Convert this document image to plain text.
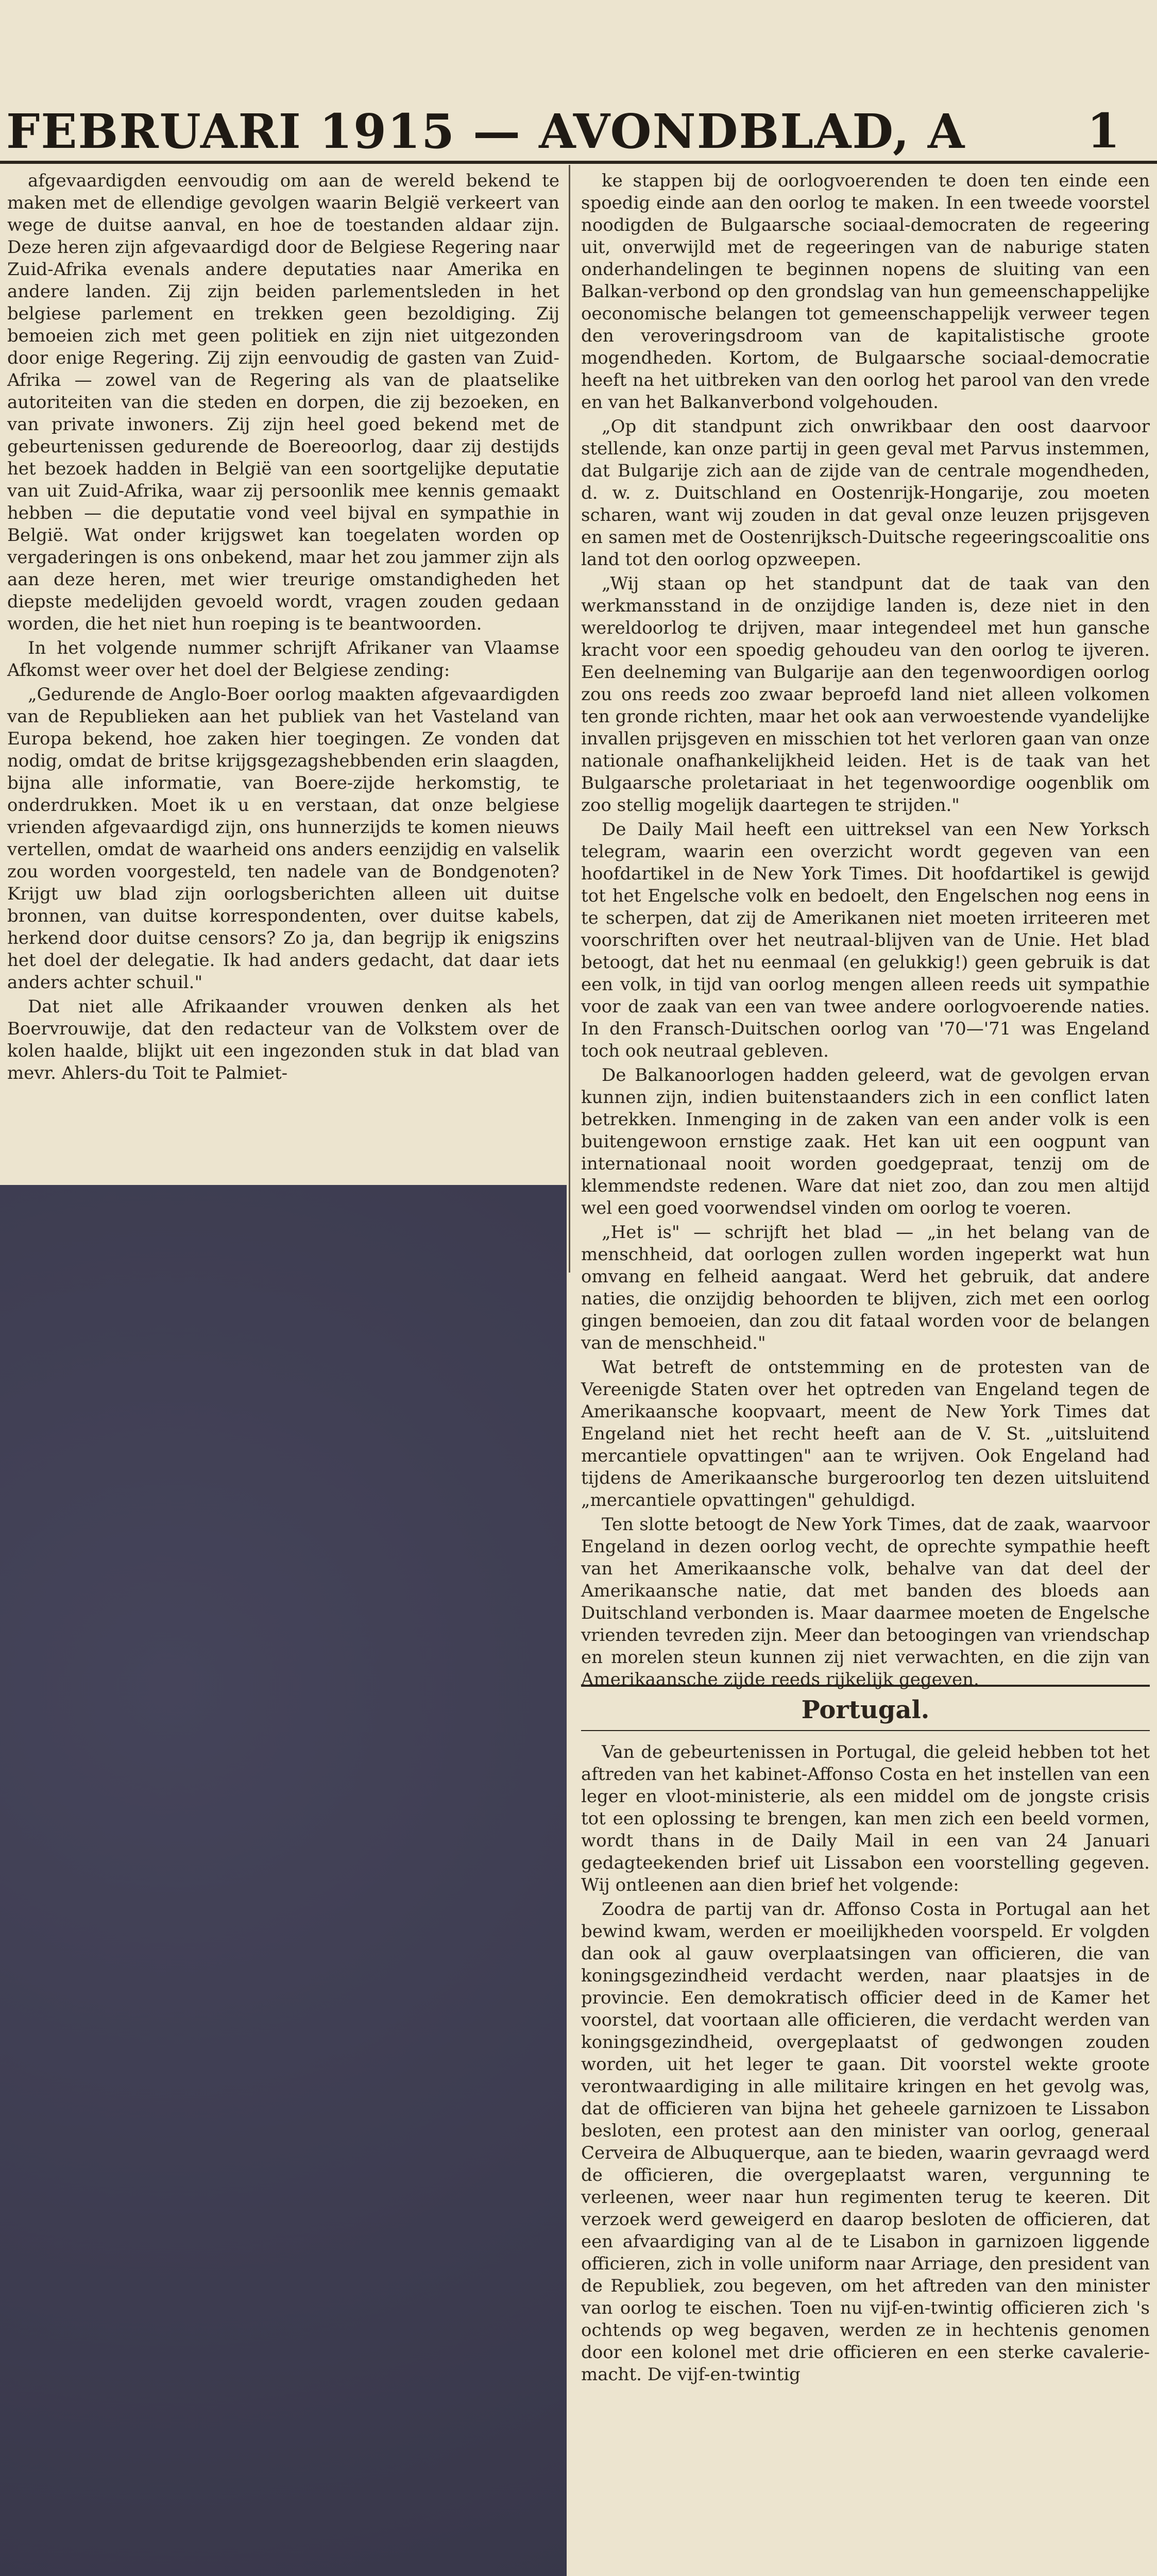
FEBRUARI 1915 — AVONDBLAD, A	1

afgevaardigden eenvoudig om aan de wereld bekend te maken met de ellendige gevolgen waarin België verkeert van wege de duitse aanval, en hoe de toestanden aldaar zijn. Deze heren zijn afgevaardigd door de Belgiese Regering naar Zuid-Afrika evenals andere deputaties naar Amerika en andere landen. Zij zijn beiden parlementsleden in het belgiese parlement en trekken geen bezoldiging. Zij bemoeien zich met geen politiek en zijn niet uitgezonden door enige Regering. Zij zijn eenvoudig de gasten van Zuid-Afrika — zowel van de Regering als van de plaatselike autoriteiten van die steden en dorpen, die zij bezoeken, en van private inwoners. Zij zijn heel goed bekend met de gebeurtenissen gedurende de Boereoorlog, daar zij destijds het bezoek hadden in België van een soortgelijke deputatie van uit Zuid-Afrika, waar zij persoonlik mee kennis gemaakt hebben — die deputatie vond veel bijval en sympathie in België. Wat onder krijgswet kan toegelaten worden op vergaderingen is ons onbekend, maar het zou jammer zijn als aan deze heren, met wier treurige omstandigheden het diepste medelijden gevoeld wordt, vragen zouden gedaan worden, die het niet hun roeping is te beantwoorden.

In het volgende nummer schrijft Afrikaner van Vlaamse Afkomst weer over het doel der Belgiese zending:

„Gedurende de Anglo-Boer oorlog maakten afgevaardigden van de Republieken aan het publiek van het Vasteland van Europa bekend, hoe zaken hier toegingen. Ze vonden dat nodig, omdat de britse krijgsgezagshebbenden erin slaagden, bijna alle informatie, van Boere-zijde herkomstig, te onderdrukken. Moet ik u en verstaan, dat onze belgiese vrienden afgevaardigd zijn, ons hunnerzijds te komen nieuws vertellen, omdat de waarheid ons anders eenzijdig en valselik zou worden voorgesteld, ten nadele van de Bondgenoten? Krijgt uw blad zijn oorlogsberichten alleen uit duitse bronnen, van duitse korrespondenten, over duitse kabels, herkend door duitse censors? Zo ja, dan begrijp ik enigszins het doel der delegatie. Ik had anders gedacht, dat daar iets anders achter schuil."

Dat niet alle Afrikaander vrouwen denken als het Boervrouwije, dat den redacteur van de Volkstem over de kolen haalde, blijkt uit een ingezonden stuk in dat blad van mevr. Ahlers-du Toit te Palmiet-

ke stappen bij de oorlogvoerenden te doen ten einde een spoedig einde aan den oorlog te maken. In een tweede voorstel noodigden de Bulgaarsche sociaal-democraten de regeering uit, onverwijld met de regeeringen van de naburige staten onderhandelingen te beginnen nopens de sluiting van een Balkan-verbond op den grondslag van hun gemeenschappelijke oeconomische belangen tot gemeenschappelijk verweer tegen den veroveringsdroom van de kapitalistische groote mogendheden. Kortom, de Bulgaarsche sociaal-democratie heeft na het uitbreken van den oorlog het parool van den vrede en van het Balkanverbond volgehouden.

„Op dit standpunt zich onwrikbaar den oost daarvoor stellende, kan onze partij in geen geval met Parvus instemmen, dat Bulgarije zich aan de zijde van de centrale mogendheden, d. w. z. Duitschland en Oostenrijk-Hongarije, zou moeten scharen, want wij zouden in dat geval onze leuzen prijsgeven en samen met de Oostenrijksch-Duitsche regeeringscoalitie ons land tot den oorlog opzweepen.

„Wij staan op het standpunt dat de taak van den werkmansstand in de onzijdige landen is, deze niet in den wereldoorlog te drijven, maar integendeel met hun gansche kracht voor een spoedig gehoudeu van den oorlog te ijveren. Een deelneming van Bulgarije aan den tegenwoordigen oorlog zou ons reeds zoo zwaar beproefd land niet alleen volkomen ten gronde richten, maar het ook aan verwoestende vyandelijke invallen prijsgeven en misschien tot het verloren gaan van onze nationale onafhankelijkheid leiden. Het is de taak van het Bulgaarsche proletariaat in het tegenwoordige oogenblik om zoo stellig mogelijk daartegen te strijden."

De Daily Mail heeft een uittreksel van een New Yorksch telegram, waarin een overzicht wordt gegeven van een hoofdartikel in de New York Times. Dit hoofdartikel is gewijd tot het Engelsche volk en bedoelt, den Engelschen nog eens in te scherpen, dat zij de Amerikanen niet moeten irriteeren met voorschriften over het neutraal-blijven van de Unie. Het blad betoogt, dat het nu eenmaal (en gelukkig!) geen gebruik is dat een volk, in tijd van oorlog mengen alleen reeds uit sympathie voor de zaak van een van twee andere oorlogvoerende naties. In den Fransch-Duitschen oorlog van '70—'71 was Engeland toch ook neutraal gebleven.

De Balkanoorlogen hadden geleerd, wat de gevolgen ervan kunnen zijn, indien buitenstaanders zich in een conflict laten betrekken. Inmenging in de zaken van een ander volk is een buitengewoon ernstige zaak. Het kan uit een oogpunt van internationaal nooit worden goedgepraat, tenzij om de klemmendste redenen. Ware dat niet zoo, dan zou men altijd wel een goed voorwendsel vinden om oorlog te voeren.

„Het is" — schrijft het blad — „in het belang van de menschheid, dat oorlogen zullen worden ingeperkt wat hun omvang en felheid aangaat. Werd het gebruik, dat andere naties, die onzijdig behoorden te blijven, zich met een oorlog gingen bemoeien, dan zou dit fataal worden voor de belangen van de menschheid."

Wat betreft de ontstemming en de protesten van de Vereenigde Staten over het optreden van Engeland tegen de Amerikaansche koopvaart, meent de New York Times dat Engeland niet het recht heeft aan de V. St. „uitsluitend mercantiele opvattingen" aan te wrijven. Ook Engeland had tijdens de Amerikaansche burgeroorlog ten dezen uitsluitend „mercantiele opvattingen" gehuldigd.

Ten slotte betoogt de New York Times, dat de zaak, waarvoor Engeland in dezen oorlog vecht, de oprechte sympathie heeft van het Amerikaansche volk, behalve van dat deel der Amerikaansche natie, dat met banden des bloeds aan Duitschland verbonden is. Maar daarmee moeten de Engelsche vrienden tevreden zijn. Meer dan betoogingen van vriendschap en morelen steun kunnen zij niet verwachten, en die zijn van Amerikaansche zijde reeds rijkelijk gegeven.

Portugal.

Van de gebeurtenissen in Portugal, die geleid hebben tot het aftreden van het kabinet-Affonso Costa en het instellen van een leger en vloot-ministerie, als een middel om de jongste crisis tot een oplossing te brengen, kan men zich een beeld vormen, wordt thans in de Daily Mail in een van 24 Januari gedagteekenden brief uit Lissabon een voorstelling gegeven. Wij ontleenen aan dien brief het volgende:

Zoodra de partij van dr. Affonso Costa in Portugal aan het bewind kwam, werden er moeilijkheden voorspeld. Er volgden dan ook al gauw overplaatsingen van officieren, die van koningsgezindheid verdacht werden, naar plaatsjes in de provincie. Een demokratisch officier deed in de Kamer het voorstel, dat voortaan alle officieren, die verdacht werden van koningsgezindheid, overgeplaatst of gedwongen zouden worden, uit het leger te gaan. Dit voorstel wekte groote verontwaardiging in alle militaire kringen en het gevolg was, dat de officieren van bijna het geheele garnizoen te Lissabon besloten, een protest aan den minister van oorlog, generaal Cerveira de Albuquerque, aan te bieden, waarin gevraagd werd de officieren, die overgeplaatst waren, vergunning te verleenen, weer naar hun regimenten terug te keeren. Dit verzoek werd geweigerd en daarop besloten de officieren, dat een afvaardiging van al de te Lisabon in garnizoen liggende officieren, zich in volle uniform naar Arriage, den president van de Republiek, zou begeven, om het aftreden van den minister van oorlog te eischen. Toen nu vijf-en-twintig officieren zich 's ochtends op weg begaven, werden ze in hechtenis genomen door een kolonel met drie officieren en een sterke cavalerie-macht. De vijf-en-twintig
